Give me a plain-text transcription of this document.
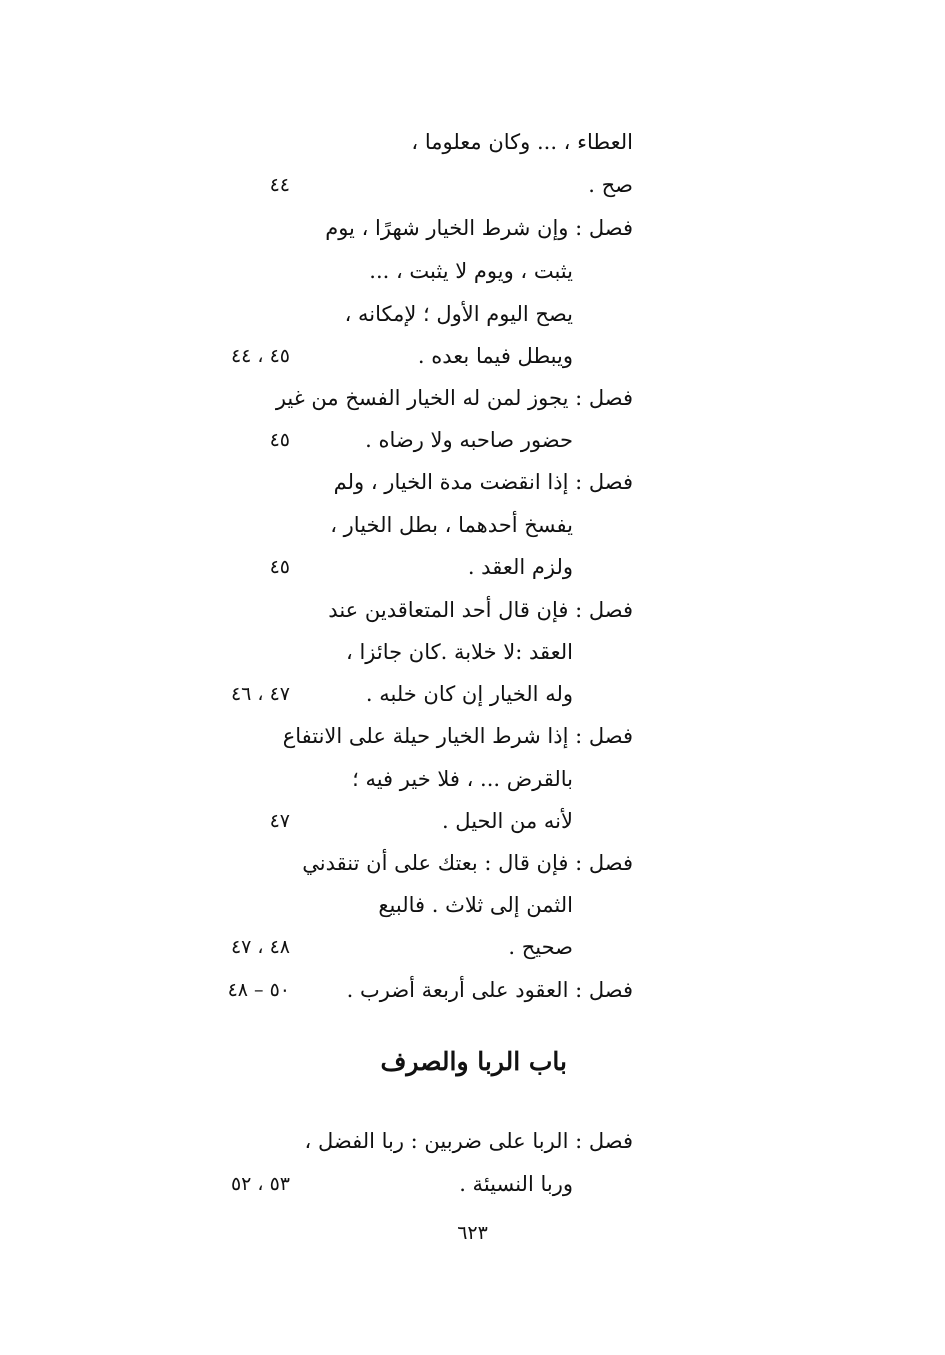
العطاء ، ... وكان معلوما ،
صح .
٤٤
فصل : وإن شرط الخيار شهرًا ، يوم
يثبت ، ويوم لا يثبت ، ...
يصح اليوم الأول ؛ لإمكانه ،
ويبطل فيما بعده .
٤٥ ، ٤٤
فصل : يجوز لمن له الخيار الفسخ من غير
حضور صاحبه ولا رضاه .
٤٥
فصل : إذا انقضت مدة الخيار ، ولم
يفسخ أحدهما ، بطل الخيار ،
ولزم العقد .
٤٥
فصل : فإن قال أحد المتعاقدين عند
العقد :لا خلابة .كان جائزا ،
وله الخيار إن كان خلبه .
٤٧ ، ٤٦
فصل : إذا شرط الخيار حيلة على الانتفاع
بالقرض ... ، فلا خير فيه ؛
لأنه من الحيل .
٤٧
فصل : فإن قال : بعتك على أن تنقدني
الثمن إلى ثلاث . فالبيع
صحيح .
٤٨ ، ٤٧
فصل : العقود على أربعة أضرب .
٥٠ – ٤٨
باب الربا والصرف
فصل : الربا على ضربين : ربا الفضل ،
وربا النسيئة .
٥٣ ، ٥٢
٦٢٣
